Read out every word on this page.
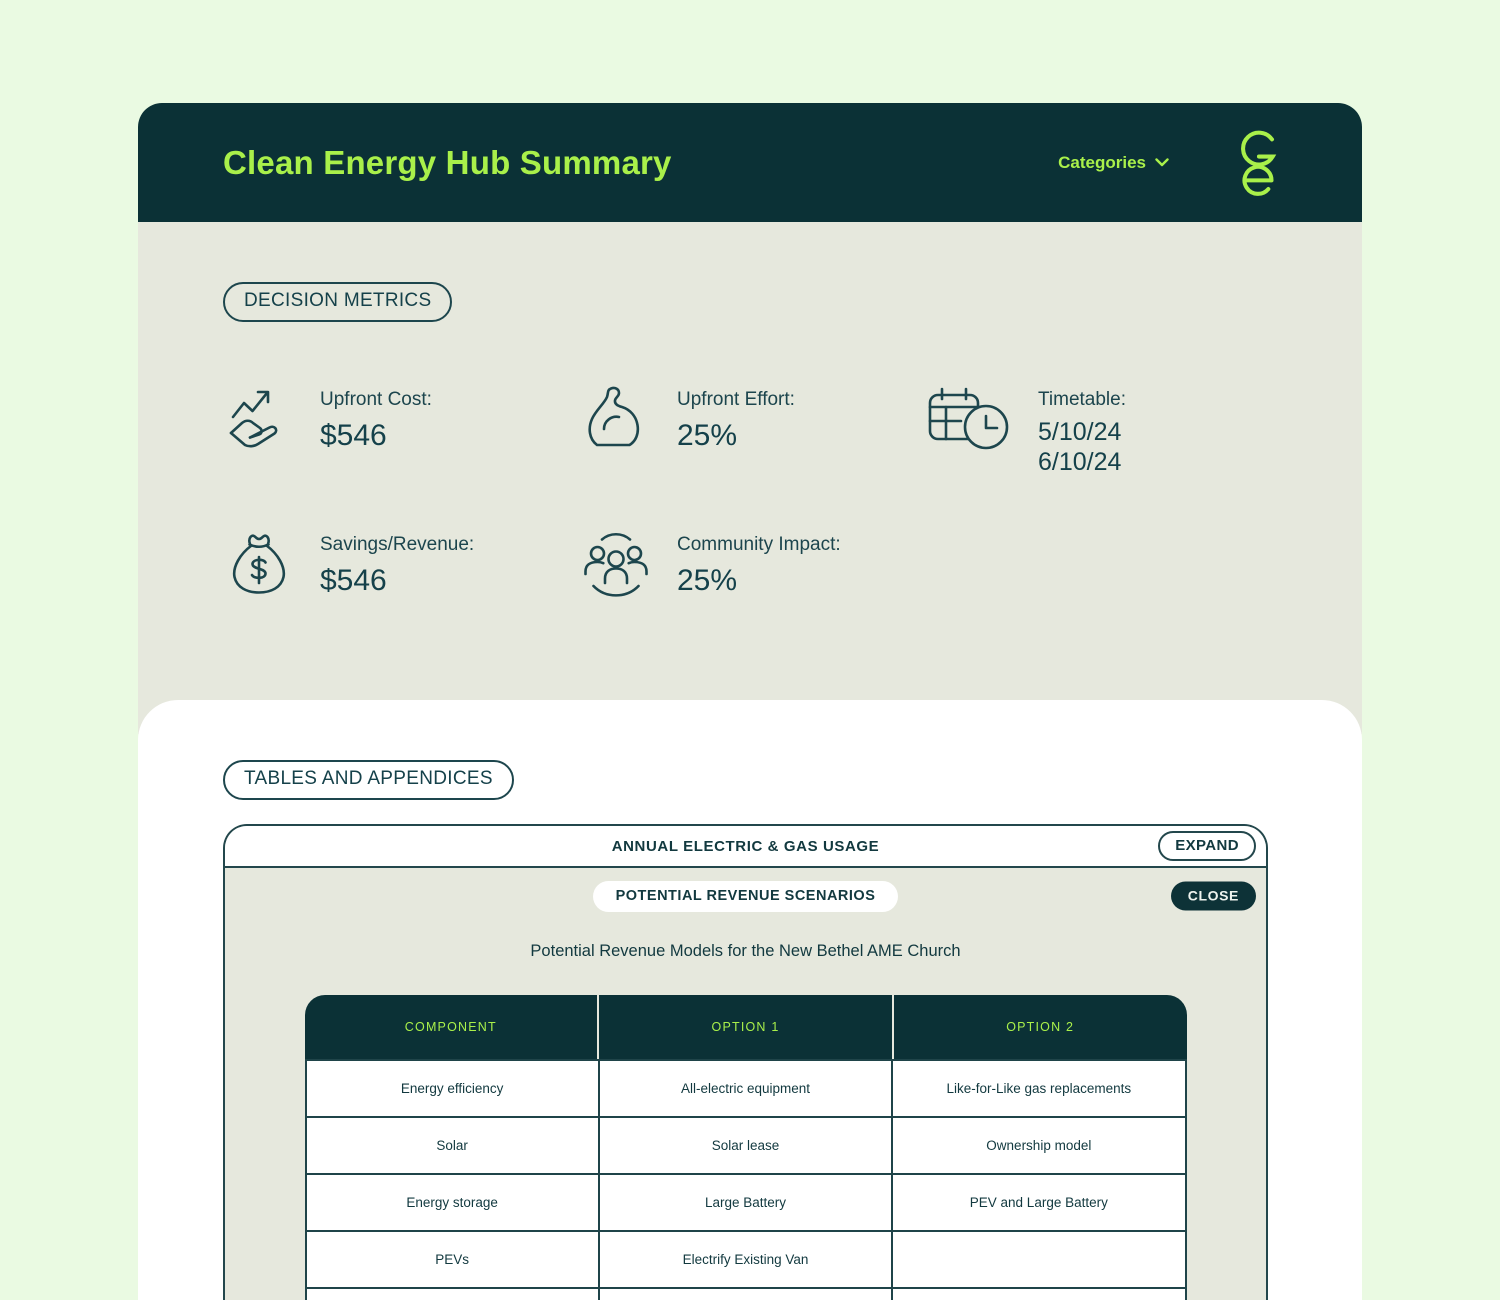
Clean Energy Hub Summary	Categories
DECISION METRICS
Upfront Cost:
$546
Upfront Effort:
25%
Timetable:
5/10/24
6/10/24
Savings/Revenue:
$546
Community Impact:
25%
TABLES AND APPENDICES
ANNUAL ELECTRIC & GAS USAGE	EXPAND
POTENTIAL REVENUE SCENARIOS	CLOSE
Potential Revenue Models for the New Bethel AME Church
COMPONENT	OPTION 1	OPTION 2
Energy efficiency	All-electric equipment	Like-for-Like gas replacements
Solar	Solar lease	Ownership model
Energy storage	Large Battery	PEV and Large Battery
PEVs	Electrify Existing Van
